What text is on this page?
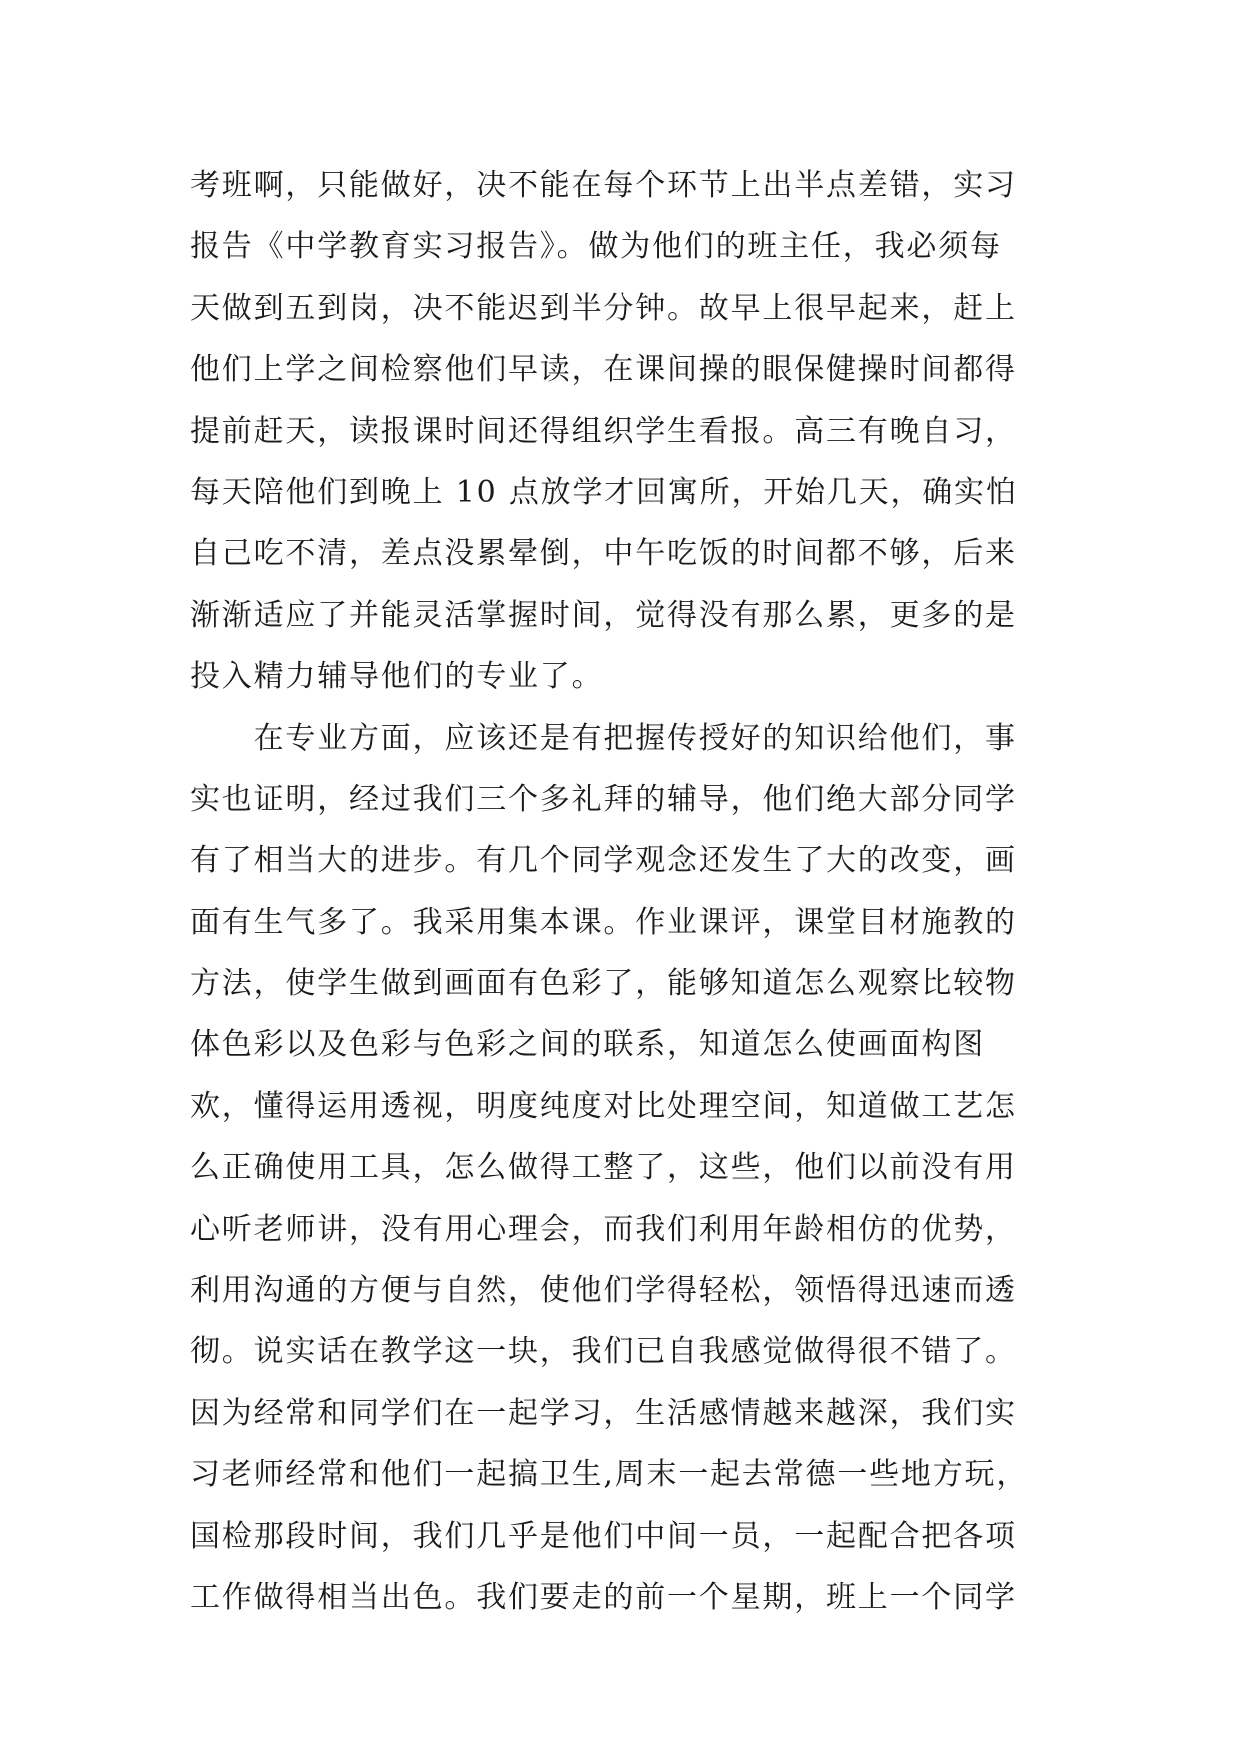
考班啊，只能做好，决不能在每个环节上出半点差错，实习
报告《中学教育实习报告》。做为他们的班主任，我必须每
天做到五到岗，决不能迟到半分钟。故早上很早起来，赶上
他们上学之间检察他们早读，在课间操的眼保健操时间都得
提前赶天，读报课时间还得组织学生看报。高三有晚自习，
每天陪他们到晚上 10 点放学才回寓所，开始几天，确实怕
自己吃不清，差点没累晕倒，中午吃饭的时间都不够，后来
渐渐适应了并能灵活掌握时间，觉得没有那么累，更多的是
投入精力辅导他们的专业了。
　　在专业方面，应该还是有把握传授好的知识给他们，事
实也证明，经过我们三个多礼拜的辅导，他们绝大部分同学
有了相当大的进步。有几个同学观念还发生了大的改变，画
面有生气多了。我采用集本课。作业课评，课堂目材施教的
方法，使学生做到画面有色彩了，能够知道怎么观察比较物
体色彩以及色彩与色彩之间的联系，知道怎么使画面构图
欢，懂得运用透视，明度纯度对比处理空间，知道做工艺怎
么正确使用工具，怎么做得工整了，这些，他们以前没有用
心听老师讲，没有用心理会，而我们利用年龄相仿的优势，
利用沟通的方便与自然，使他们学得轻松，领悟得迅速而透
彻。说实话在教学这一块，我们已自我感觉做得很不错了。
因为经常和同学们在一起学习，生活感情越来越深，我们实
习老师经常和他们一起搞卫生,周末一起去常德一些地方玩，
国检那段时间，我们几乎是他们中间一员，一起配合把各项
工作做得相当出色。我们要走的前一个星期，班上一个同学
